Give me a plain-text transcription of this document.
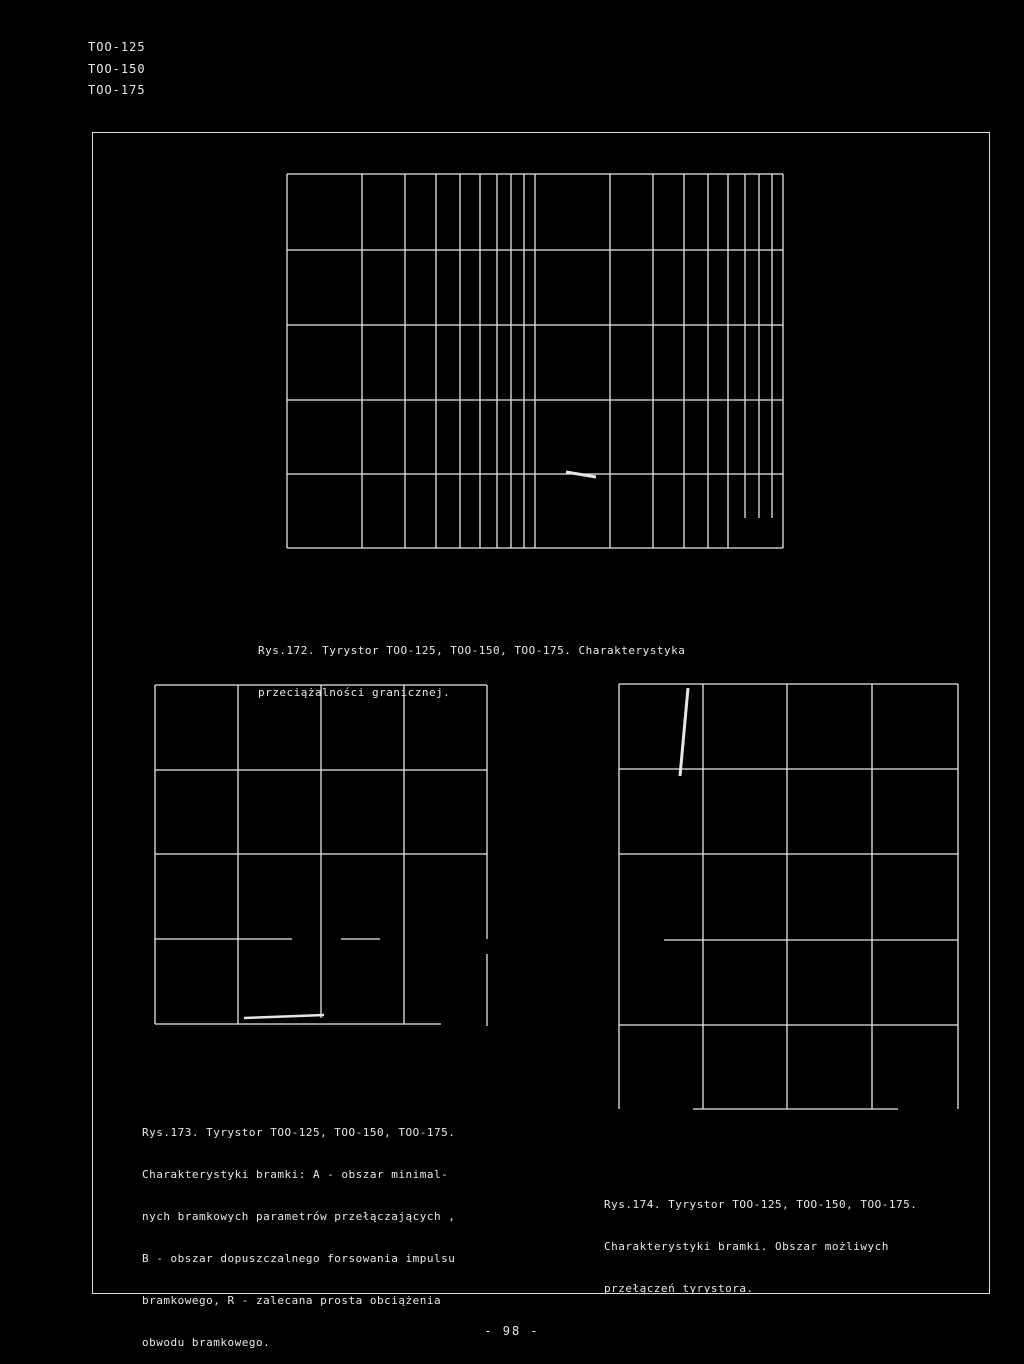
TOO-125
TOO-150
TOO-175

Rys.172. Tyrystor TOO-125, TOO-150, TOO-175. Charakterystyka

przeciążalności granicznej.

Rys.173. Tyrystor TOO-125, TOO-150, TOO-175.

Charakterystyki bramki: A - obszar minimal-

nych bramkowych parametrów przełączających ,

B - obszar dopuszczalnego forsowania impulsu

bramkowego, R - zalecana prosta obciążenia

obwodu bramkowego.

Rys.174. Tyrystor TOO-125, TOO-150, TOO-175.

Charakterystyki bramki. Obszar możliwych

przełączeń tyrystora.

- 98 -
